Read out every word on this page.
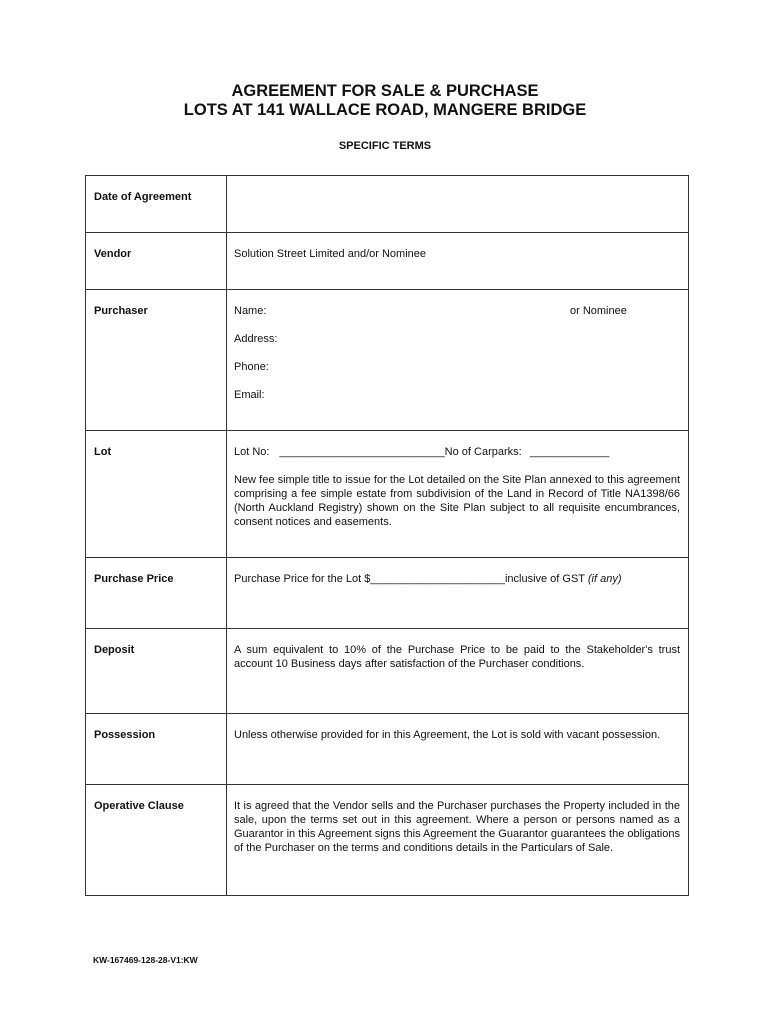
AGREEMENT FOR SALE & PURCHASE
LOTS AT 141 WALLACE ROAD, MANGERE BRIDGE
SPECIFIC TERMS
Date of Agreement	
Vendor	Solution Street Limited and/or Nominee
Purchaser	Name: or Nominee
Address:
Phone:
Email:

Lot	Lot No: ___________________________No of Carparks: _____________
New fee simple title to issue for the Lot detailed on the Site Plan annexed to this agreement comprising a fee simple estate from subdivision of the Land in Record of Title NA1398/66 (North Auckland Registry) shown on the Site Plan subject to all requisite encumbrances, consent notices and easements.

Purchase Price	Purchase Price for the Lot $______________________inclusive of GST (if any)
Deposit	A sum equivalent to 10% of the Purchase Price to be paid to the Stakeholder's trust account 10 Business days after satisfaction of the Purchaser conditions.
Possession	Unless otherwise provided for in this Agreement, the Lot is sold with vacant possession.
Operative Clause	It is agreed that the Vendor sells and the Purchaser purchases the Property included in the sale, upon the terms set out in this agreement. Where a person or persons named as a Guarantor in this Agreement signs this Agreement the Guarantor guarantees the obligations of the Purchaser on the terms and conditions details in the Particulars of Sale.
KW-167469-128-28-V1:KW
